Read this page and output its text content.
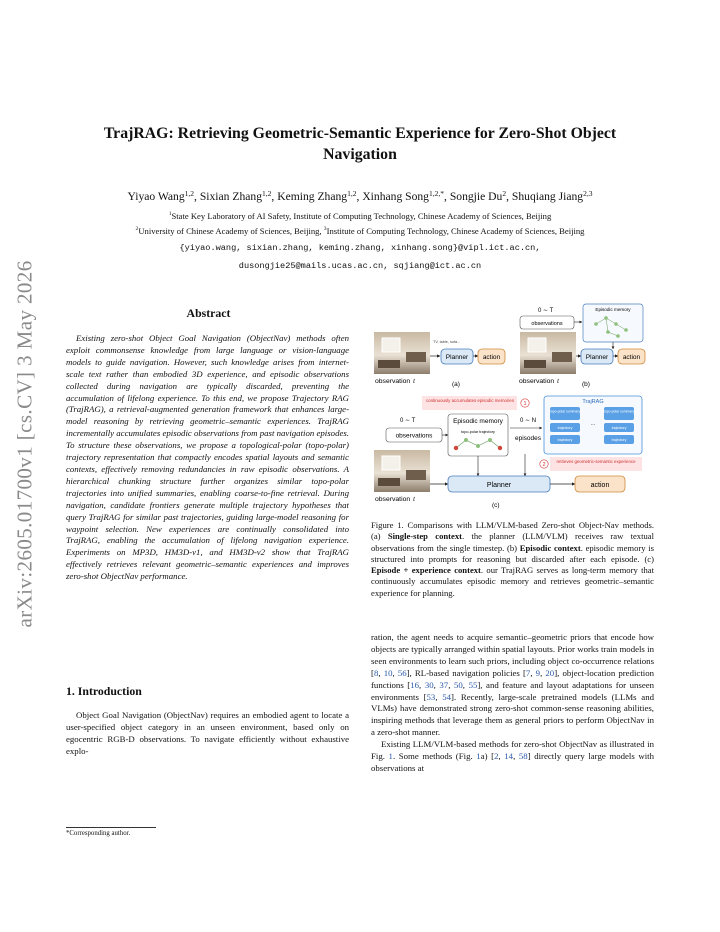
arXiv:2605.01700v1 [cs.CV] 3 May 2026
TrajRAG: Retrieving Geometric-Semantic Experience for Zero-Shot Object Navigation
Yiyao Wang$^{1,2}$, Sixian Zhang$^{1,2}$, Keming Zhang$^{1,2}$, Xinhang Song$^{1,2,*}$, Songjie Du$^2$, Shuqiang Jiang$^{2,3}$
$^1$State Key Laboratory of AI Safety, Institute of Computing Technology, Chinese Academy of Sciences, Beijing
$^2$University of Chinese Academy of Sciences, Beijing, $^3$Institute of Computing Technology, Chinese Academy of Sciences, Beijing
{yiyao.wang, sixian.zhang, keming.zhang, xinhang.song}@vipl.ict.ac.cn,
dusongjie25@mails.ucas.ac.cn, sqjiang@ict.ac.cn
Abstract
Existing zero-shot Object Goal Navigation (ObjectNav) methods often exploit commonsense knowledge from large language or vision-language models to guide navigation. However, such knowledge arises from internet-scale text rather than embodied 3D experience, and episodic observations collected during navigation are typically discarded, preventing the accumulation of lifelong experience. To this end, we propose Trajectory RAG (TrajRAG), a retrieval-augmented generation framework that enhances large-model reasoning by retrieving geometric–semantic experiences. TrajRAG incrementally accumulates episodic observations from past navigation episodes. To structure these observations, we propose a topological-polar (topo-polar) trajectory representation that compactly encodes spatial layouts and semantic contexts, effectively removing redundancies in raw episodic observations. A hierarchical chunking structure further organizes similar topo-polar trajectories into unified summaries, enabling coarse-to-fine retrieval. During navigation, candidate frontiers generate multiple trajectory hypotheses that query TrajRAG for similar past trajectories, guiding large-model reasoning for waypoint selection. New experiences are continually consolidated into TrajRAG, enabling the accumulation of lifelong navigation experience. Experiments on MP3D, HM3D-v1, and HM3D-v2 show that TrajRAG effectively retrieves relevant geometric–semantic experiences and improves zero-shot ObjectNav performance.
1. Introduction
Object Goal Navigation (ObjectNav) requires an embodied agent to locate a user-specified object category in an unseen environment, based only on egocentric RGB-D observations. To navigate efficiently without exhaustive explo-
*Corresponding author.
TV, table, sofa...
Planner action
observation t	(a)
0 ∼ T
observations
Episodic memory
Planner action
observation t	(b)
continuously accumulates episodic memories
1
0 ∼ T
observations
Episodic memory
topo-polar trajectory
0 ∼ N
episodes
TrajRAG
topo-polar summary
trajectory
trajectory
...
topo-polar summary
trajectory
trajectory
2
retrieves geometric-semantic experience
Planner	action
observation t
(c)
Figure 1. Comparisons with LLM/VLM-based Zero-shot Object-Nav methods. (a) Single-step context. the planner (LLM/VLM) receives raw textual observations from the single timestep. (b) Episodic context. episodic memory is structured into prompts for reasoning but discarded after each episode. (c) Episode + experience context. our TrajRAG serves as long-term memory that continuously accumulates episodic memory and retrieves geometric–semantic experience for planning.
ration, the agent needs to acquire semantic–geometric priors that encode how objects are typically arranged within spatial layouts. Prior works train models in seen environments to learn such priors, including object co-occurrence relations [8, 10, 56], RL-based navigation policies [7, 9, 20], object-location prediction functions [16, 30, 37, 50, 55], and feature and layout adaptations for unseen environments [53, 54]. Recently, large-scale pretrained models (LLMs and VLMs) have demonstrated strong zero-shot common-sense reasoning abilities, inspiring methods that leverage them as general priors to perform ObjectNav in a zero-shot manner.
Existing LLM/VLM-based methods for zero-shot ObjectNav as illustrated in Fig. 1. Some methods (Fig. 1a) [2, 14, 58] directly query large models with observations at
